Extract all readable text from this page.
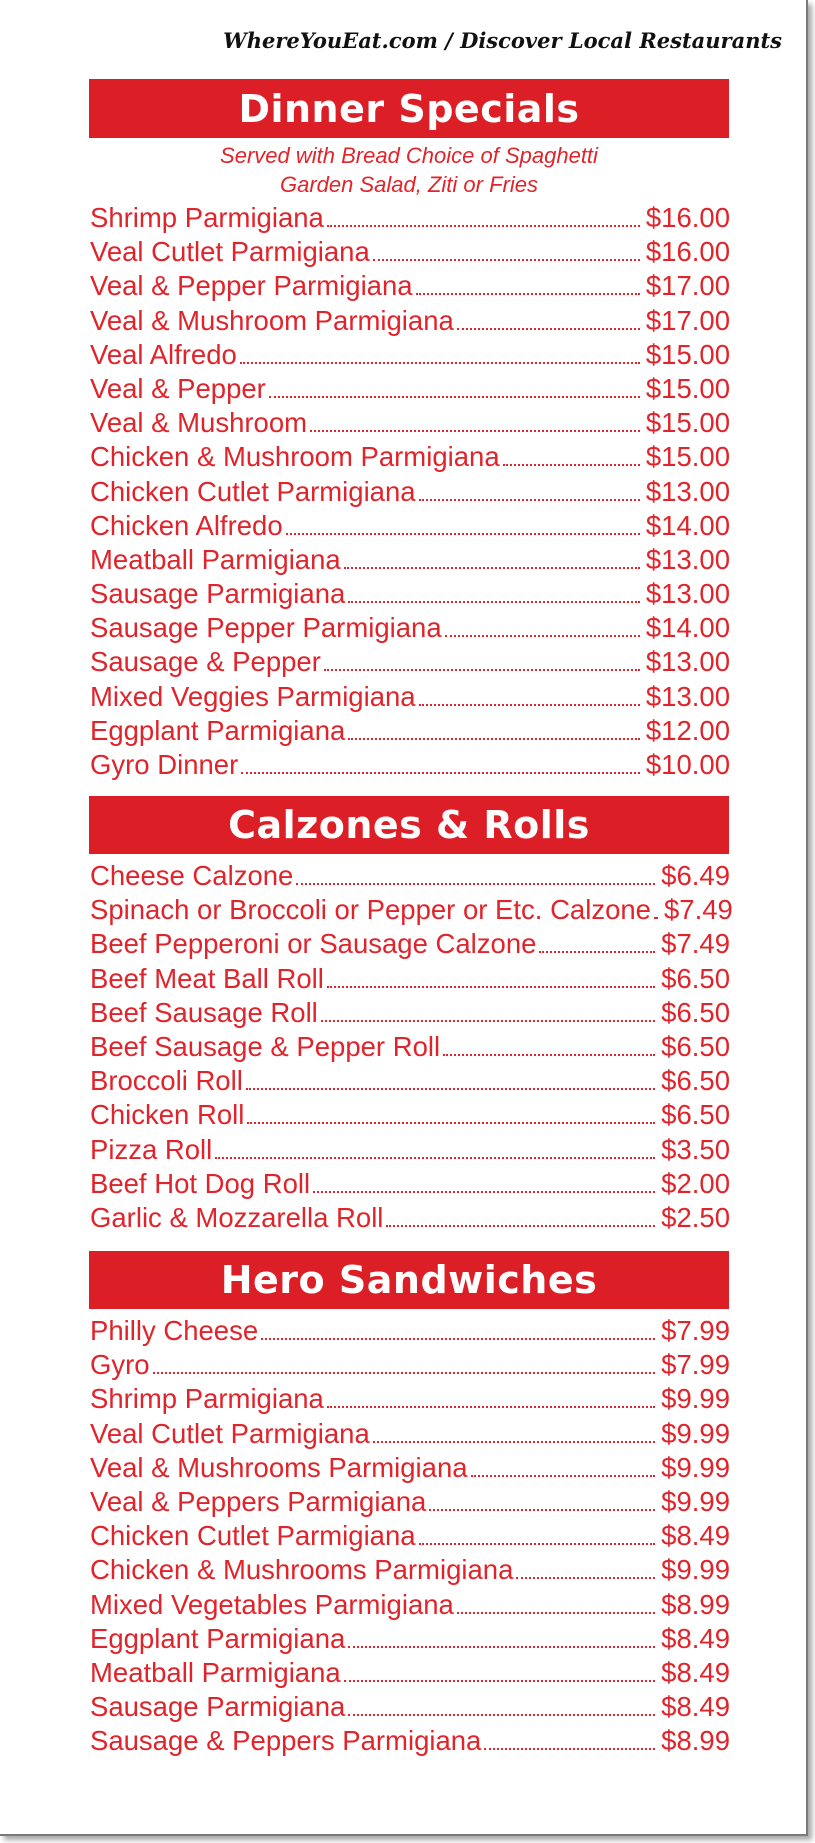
WhereYouEat.com / Discover Local Restaurants
Dinner Specials
Served with Bread Choice of Spaghetti
Garden Salad, Ziti or Fries
Shrimp Parmigiana	$16.00
Veal Cutlet Parmigiana	$16.00
Veal & Pepper Parmigiana	$17.00
Veal & Mushroom Parmigiana	$17.00
Veal Alfredo	$15.00
Veal & Pepper	$15.00
Veal & Mushroom	$15.00
Chicken & Mushroom Parmigiana	$15.00
Chicken Cutlet Parmigiana	$13.00
Chicken Alfredo	$14.00
Meatball Parmigiana	$13.00
Sausage Parmigiana	$13.00
Sausage Pepper Parmigiana	$14.00
Sausage & Pepper	$13.00
Mixed Veggies Parmigiana	$13.00
Eggplant Parmigiana	$12.00
Gyro Dinner	$10.00
Calzones & Rolls
Cheese Calzone	$6.49
Spinach or Broccoli or Pepper or Etc. Calzone $7.49
Beef Pepperoni or Sausage Calzone	$7.49
Beef Meat Ball Roll	$6.50
Beef Sausage Roll	$6.50
Beef Sausage & Pepper Roll	$6.50
Broccoli Roll	$6.50
Chicken Roll	$6.50
Pizza Roll	$3.50
Beef Hot Dog Roll	$2.00
Garlic & Mozzarella Roll	$2.50
Hero Sandwiches
Philly Cheese	$7.99
Gyro	$7.99
Shrimp Parmigiana	$9.99
Veal Cutlet Parmigiana	$9.99
Veal & Mushrooms Parmigiana	$9.99
Veal & Peppers Parmigiana	$9.99
Chicken Cutlet Parmigiana	$8.49
Chicken & Mushrooms Parmigiana	$9.99
Mixed Vegetables Parmigiana	$8.99
Eggplant Parmigiana	$8.49
Meatball Parmigiana	$8.49
Sausage Parmigiana	$8.49
Sausage & Peppers Parmigiana	$8.99
